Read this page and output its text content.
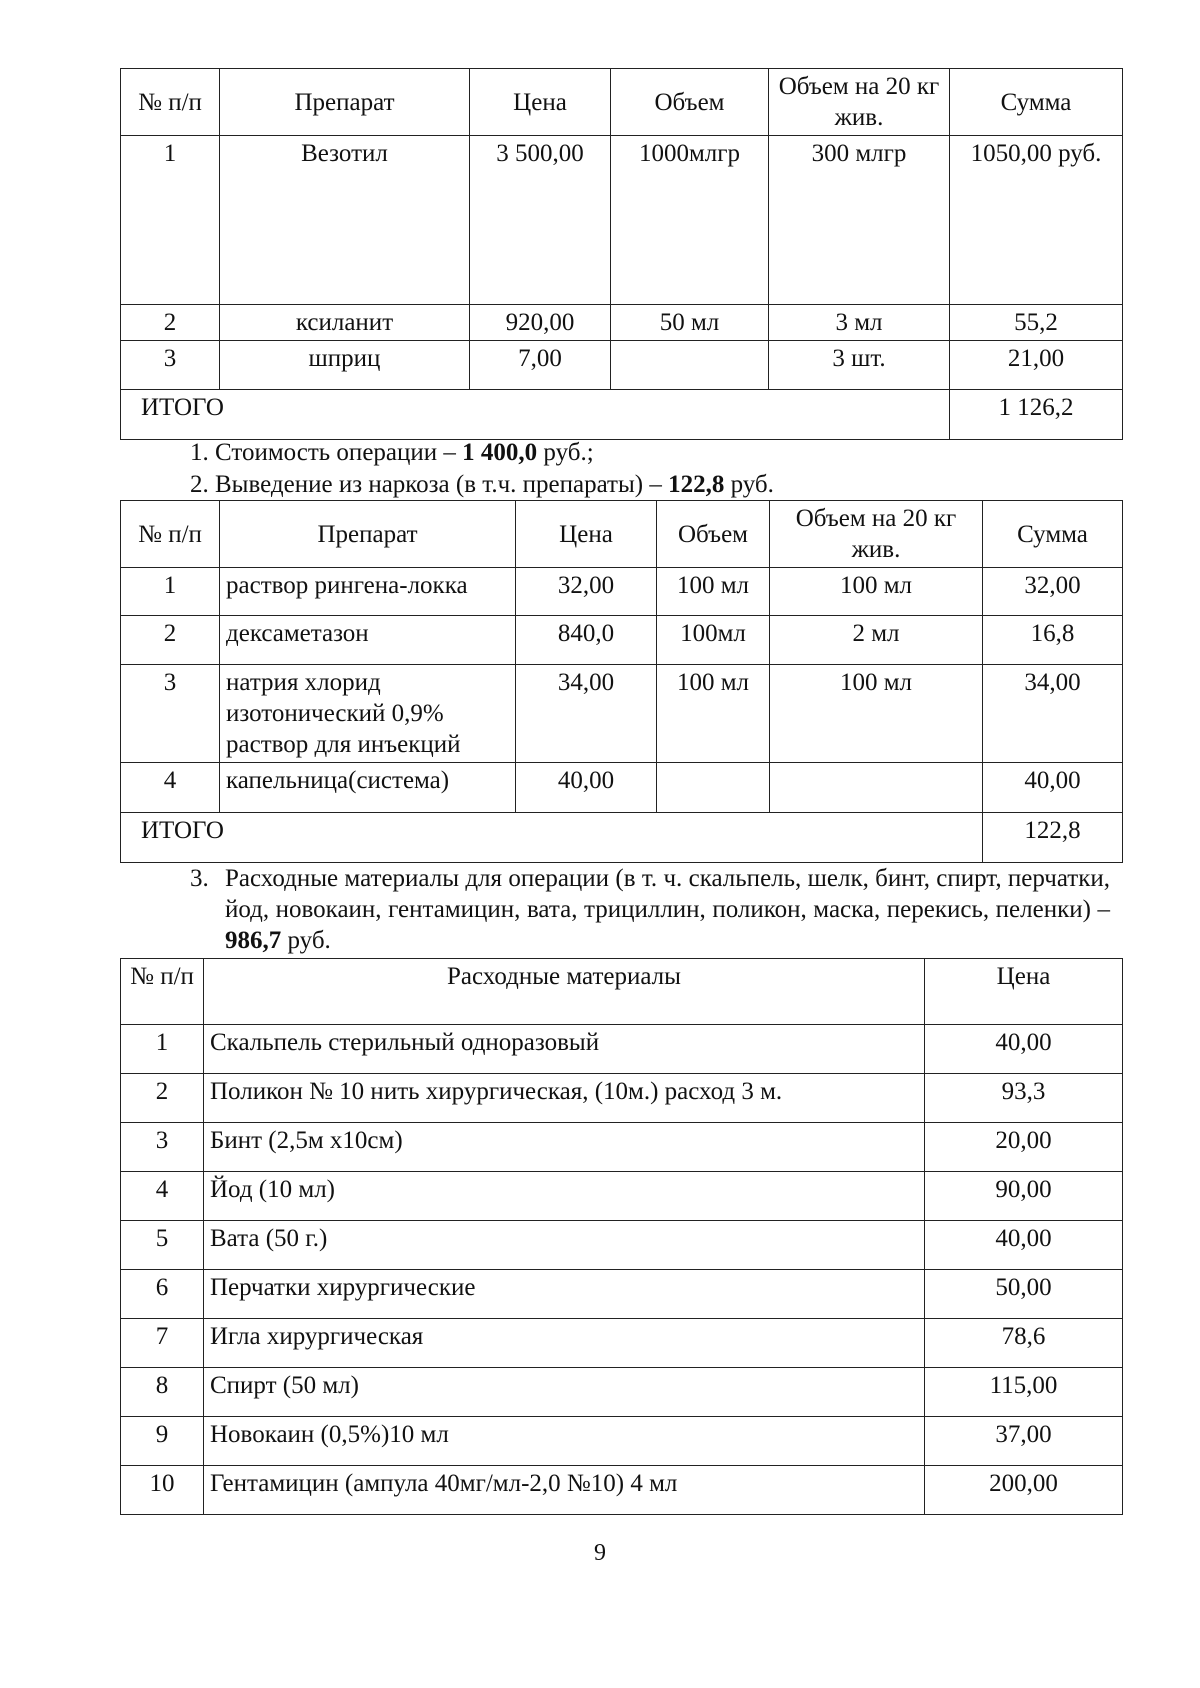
№ п/п	Препарат	Цена	Объем	Объем на 20 кг жив.	Сумма
1	Везотил	3 500,00	1000млгр	300 млгр	1050,00 руб.
2	ксиланит	920,00	50 мл	3 мл	55,2
3	шприц	7,00		3 шт.	21,00
ИТОГО					1 126,2
1. Стоимость операции – 1 400,0 руб.;
2. Выведение из наркоза (в т.ч. препараты) – 122,8 руб.
№ п/п	Препарат	Цена	Объем	Объем на 20 кг жив.	Сумма
1	раствор рингена-локка	32,00	100 мл	100 мл	32,00
2	дексаметазон	840,0	100мл	2 мл	16,8
3	натрия хлорид изотонический 0,9% раствор для инъекций	34,00	100 мл	100 мл	34,00
4	капельница(система)	40,00			40,00
ИТОГО					122,8
3. Расходные материалы для операции (в т. ч. скальпель, шелк, бинт, спирт, перчатки, йод, новокаин, гентамицин, вата, трициллин, поликон, маска, перекись, пеленки) – 986,7 руб.
№ п/п	Расходные материалы	Цена
1	Скальпель стерильный одноразовый	40,00
2	Поликон № 10 нить хирургическая, (10м.) расход 3 м.	93,3
3	Бинт (2,5м х10см)	20,00
4	Йод (10 мл)	90,00
5	Вата (50 г.)	40,00
6	Перчатки хирургические	50,00
7	Игла хирургическая	78,6
8	Спирт (50 мл)	115,00
9	Новокаин (0,5%)10 мл	37,00
10	Гентамицин (ампула 40мг/мл-2,0 №10) 4 мл	200,00
9
